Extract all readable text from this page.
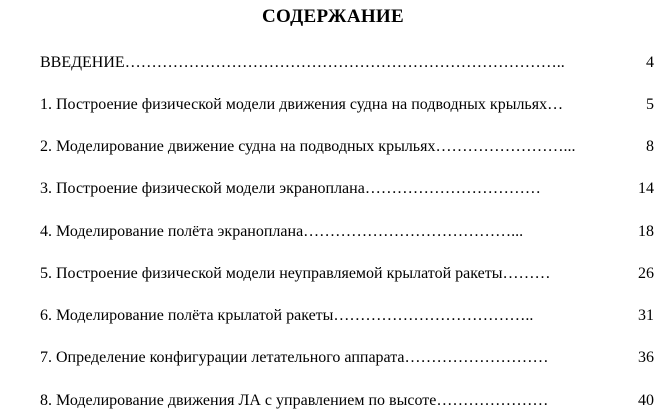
СОДЕРЖАНИЕ
ВВЕДЕНИЕ………………………………………………………………………..	4
1. Построение физической модели движения судна на подводных крыльях…	5
2. Моделирование движение судна на подводных крыльях……………………...	8
3. Построение физической модели экраноплана……………………………	14
4. Моделирование полёта экраноплана…………………………………...	18
5. Построение физической модели неуправляемой крылатой ракеты………	26
6. Моделирование полёта крылатой ракеты………………………………..	31
7. Определение конфигурации летательного аппарата………………………	36
8. Моделирование движения ЛА с управлением по высоте…………………	40
